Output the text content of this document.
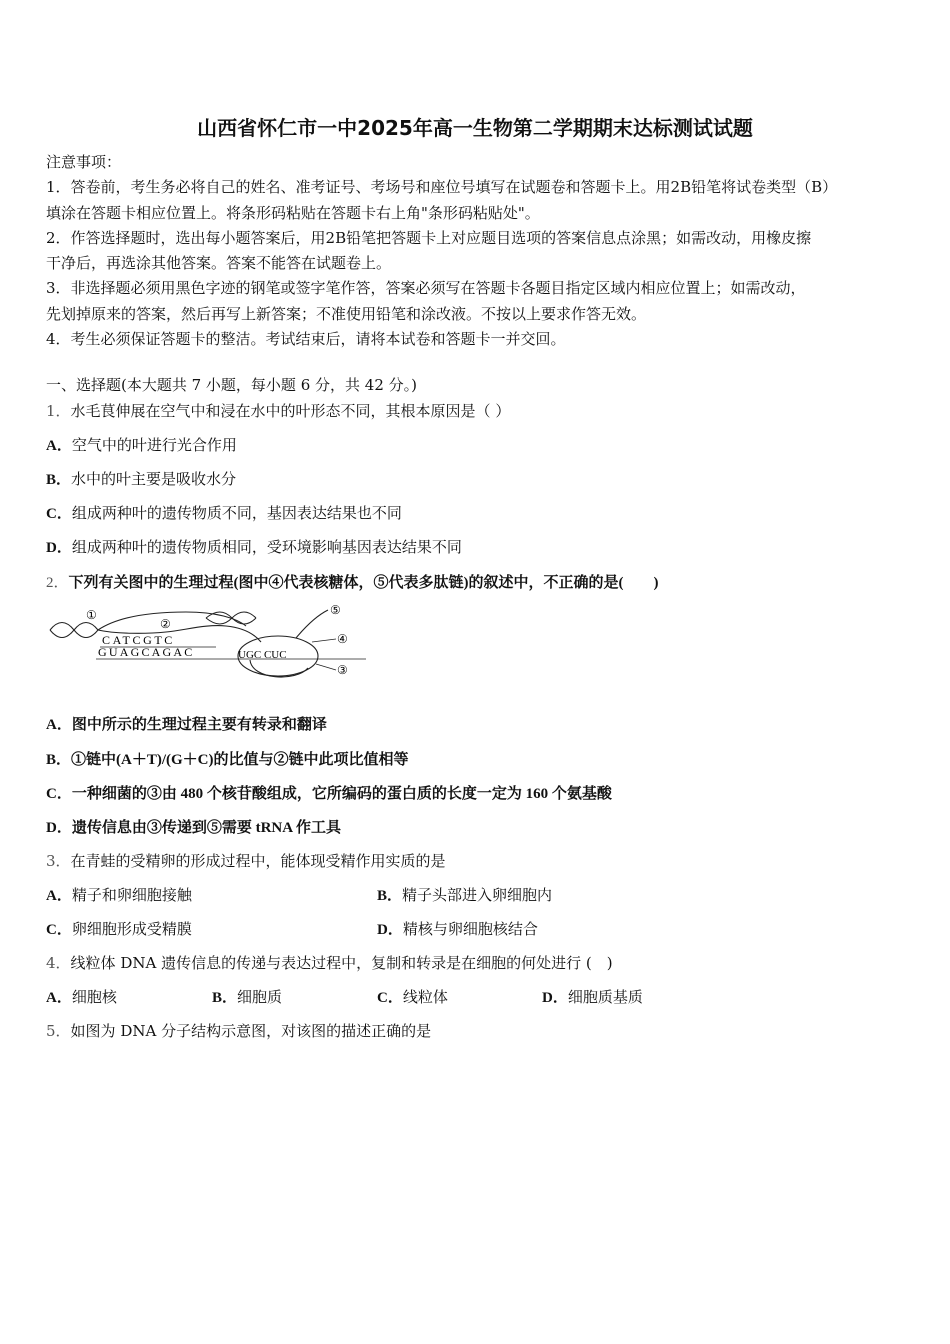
山西省怀仁市一中2025年高一生物第二学期期末达标测试试题

注意事项：

1．答卷前，考生务必将自己的姓名、准考证号、考场号和座位号填写在试题卷和答题卡上。用2B铅笔将试卷类型（B）

填涂在答题卡相应位置上。将条形码粘贴在答题卡右上角"条形码粘贴处"。

2．作答选择题时，选出每小题答案后，用2B铅笔把答题卡上对应题目选项的答案信息点涂黑；如需改动，用橡皮擦

干净后，再选涂其他答案。答案不能答在试题卷上。

3．非选择题必须用黑色字迹的钢笔或签字笔作答，答案必须写在答题卡各题目指定区域内相应位置上；如需改动，

先划掉原来的答案，然后再写上新答案；不准使用铅笔和涂改液。不按以上要求作答无效。

4．考生必须保证答题卡的整洁。考试结束后，请将本试卷和答题卡一并交回。

一、选择题(本大题共 7 小题，每小题 6 分，共 42 分。)
1．水毛茛伸展在空气中和浸在水中的叶形态不同，其根本原因是（ ）
A．空气中的叶进行光合作用
B．水中的叶主要是吸收水分
C．组成两种叶的遗传物质不同，基因表达结果也不同
D．组成两种叶的遗传物质相同，受环境影响基因表达结果不同
2．下列有关图中的生理过程(图中④代表核糖体，⑤代表多肽链)的叙述中，不正确的是(　　)
①
②
⑤
④
③
CATCGTC
GUAGCAGAC	UGC CUC
A．图中所示的生理过程主要有转录和翻译
B．①链中(A＋T)/(G＋C)的比值与②链中此项比值相等
C．一种细菌的③由 480 个核苷酸组成，它所编码的蛋白质的长度一定为 160 个氨基酸
D．遗传信息由③传递到⑤需要 tRNA 作工具
3．在青蛙的受精卵的形成过程中，能体现受精作用实质的是
A．精子和卵细胞接触	B．精子头部进入卵细胞内
C．卵细胞形成受精膜	D．精核与卵细胞核结合
4．线粒体 DNA 遗传信息的传递与表达过程中，复制和转录是在细胞的何处进行 (　)
A．细胞核	B．细胞质	C．线粒体	D．细胞质基质
5．如图为 DNA 分子结构示意图，对该图的描述正确的是
